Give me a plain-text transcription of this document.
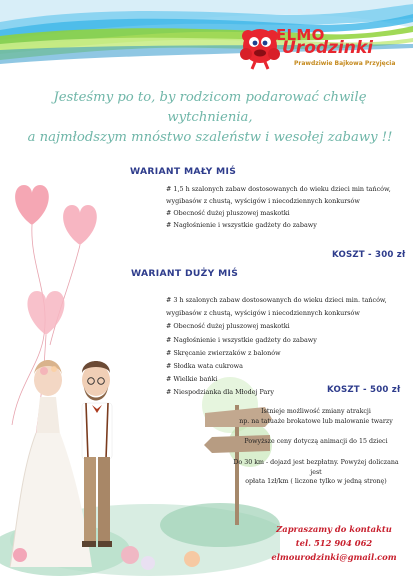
ELMO
Urodzinki
Prawdziwie Bajkowa Przyjęcia
Jesteśmy po to, by rodzicom podarować chwilę wytchnienia,
a najmłodszym mnóstwo szaleństw i wesołej zabawy !!
WARIANT MAŁY MIŚ
# 1,5 h szalonych zabaw dostosowanych do wieku dzieci min tańców,
wygibasów z chustą, wyścigów i niecodziennych konkursów
# Obecność dużej pluszowej maskotki
# Nagłośnienie i wszystkie gadżety do zabawy
KOSZT - 300 zł
WARIANT DUŻY MIŚ
# 3 h szalonych zabaw dostosowanych do wieku dzieci min. tańców,
wygibasów z chustą, wyścigów i niecodziennych konkursów
# Obecność dużej pluszowej maskotki
# Nagłośnienie i wszystkie gadżety do zabawy
# Skręcanie zwierzaków z balonów
# Słodka wata cukrowa
# Wielkie bańki
# Niespodzianka dla Młodej Pary	KOSZT - 500 zł
Istnieje możliwość zmiany atrakcji
np. na tatuaże brokatowe lub malowanie twarzy
Powyższe ceny dotyczą animacji do 15 dzieci
Do 30 km - dojazd jest bezpłatny. Powyżej doliczana jest
opłata 1zł/km ( liczone tylko w jedną stronę)
Zapraszamy do kontaktu
tel. 512 904 062
elmourodzinki@gmail.com
